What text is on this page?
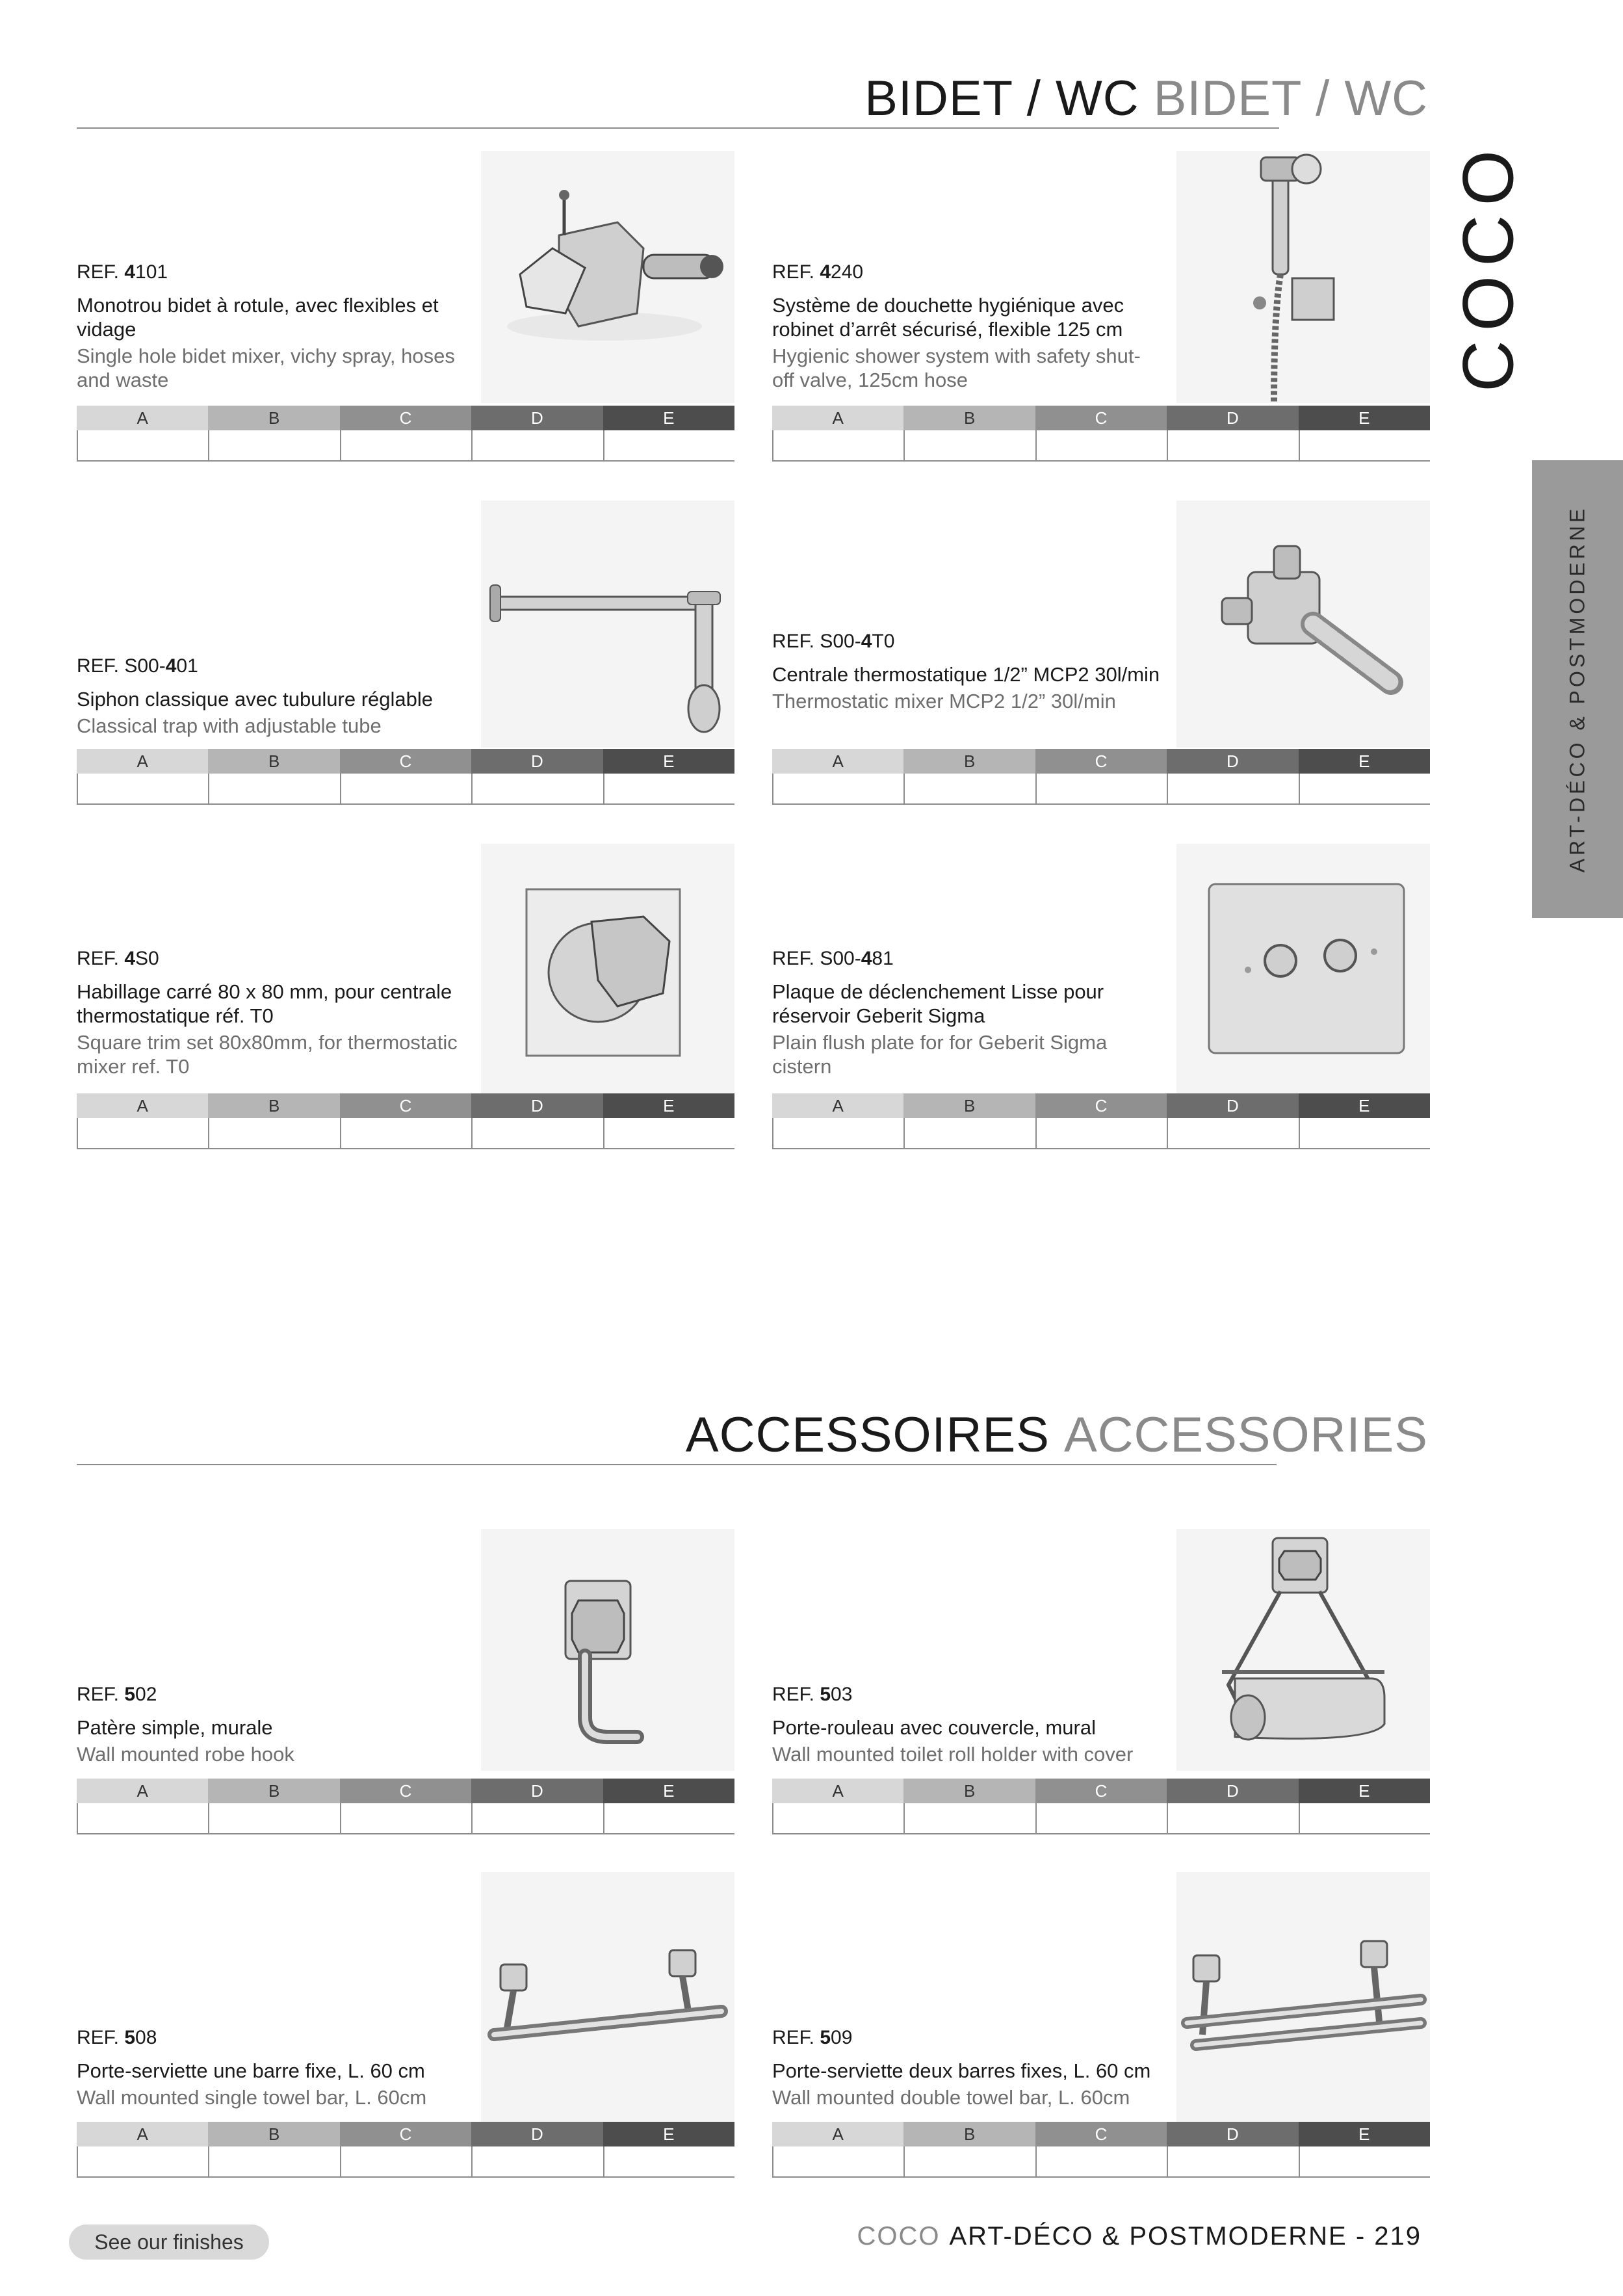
BIDET / WC BIDET / WC
COCO
ART-DÉCO & POSTMODERNE
REF. 4101
Monotrou bidet à rotule, avec flexibles et vidage
Single hole bidet mixer, vichy spray, hoses and waste
A	B	C	D	E
REF. 4240
Système de douchette hygiénique avec robinet d’arrêt sécurisé, flexible 125 cm
Hygienic shower system with safety shut-off valve, 125cm hose
A	B	C	D	E
REF. S00-401
Siphon classique avec tubulure réglable
Classical trap with adjustable tube
A	B	C	D	E
REF. S00-4T0
Centrale thermostatique 1/2” MCP2 30l/min
Thermostatic mixer MCP2 1/2” 30l/min
A	B	C	D	E
REF. 4S0
Habillage carré 80 x 80 mm, pour centrale thermostatique réf. T0
Square trim set 80x80mm, for thermostatic mixer ref. T0
A	B	C	D	E
REF. S00-481
Plaque de déclenchement Lisse pour réservoir Geberit Sigma
Plain flush plate for for Geberit Sigma cistern
A	B	C	D	E
ACCESSOIRES ACCESSORIES
REF. 502
Patère simple, murale
Wall mounted robe hook
A	B	C	D	E
REF. 503
Porte-rouleau avec couvercle, mural
Wall mounted toilet roll holder with cover
A	B	C	D	E
REF. 508
Porte-serviette une barre fixe, L. 60 cm
Wall mounted single towel bar, L. 60cm
A	B	C	D	E
REF. 509
Porte-serviette deux barres fixes, L. 60 cm
Wall mounted double towel bar, L. 60cm
A	B	C	D	E
See our finishes	COCO ART-DÉCO & POSTMODERNE - 219
